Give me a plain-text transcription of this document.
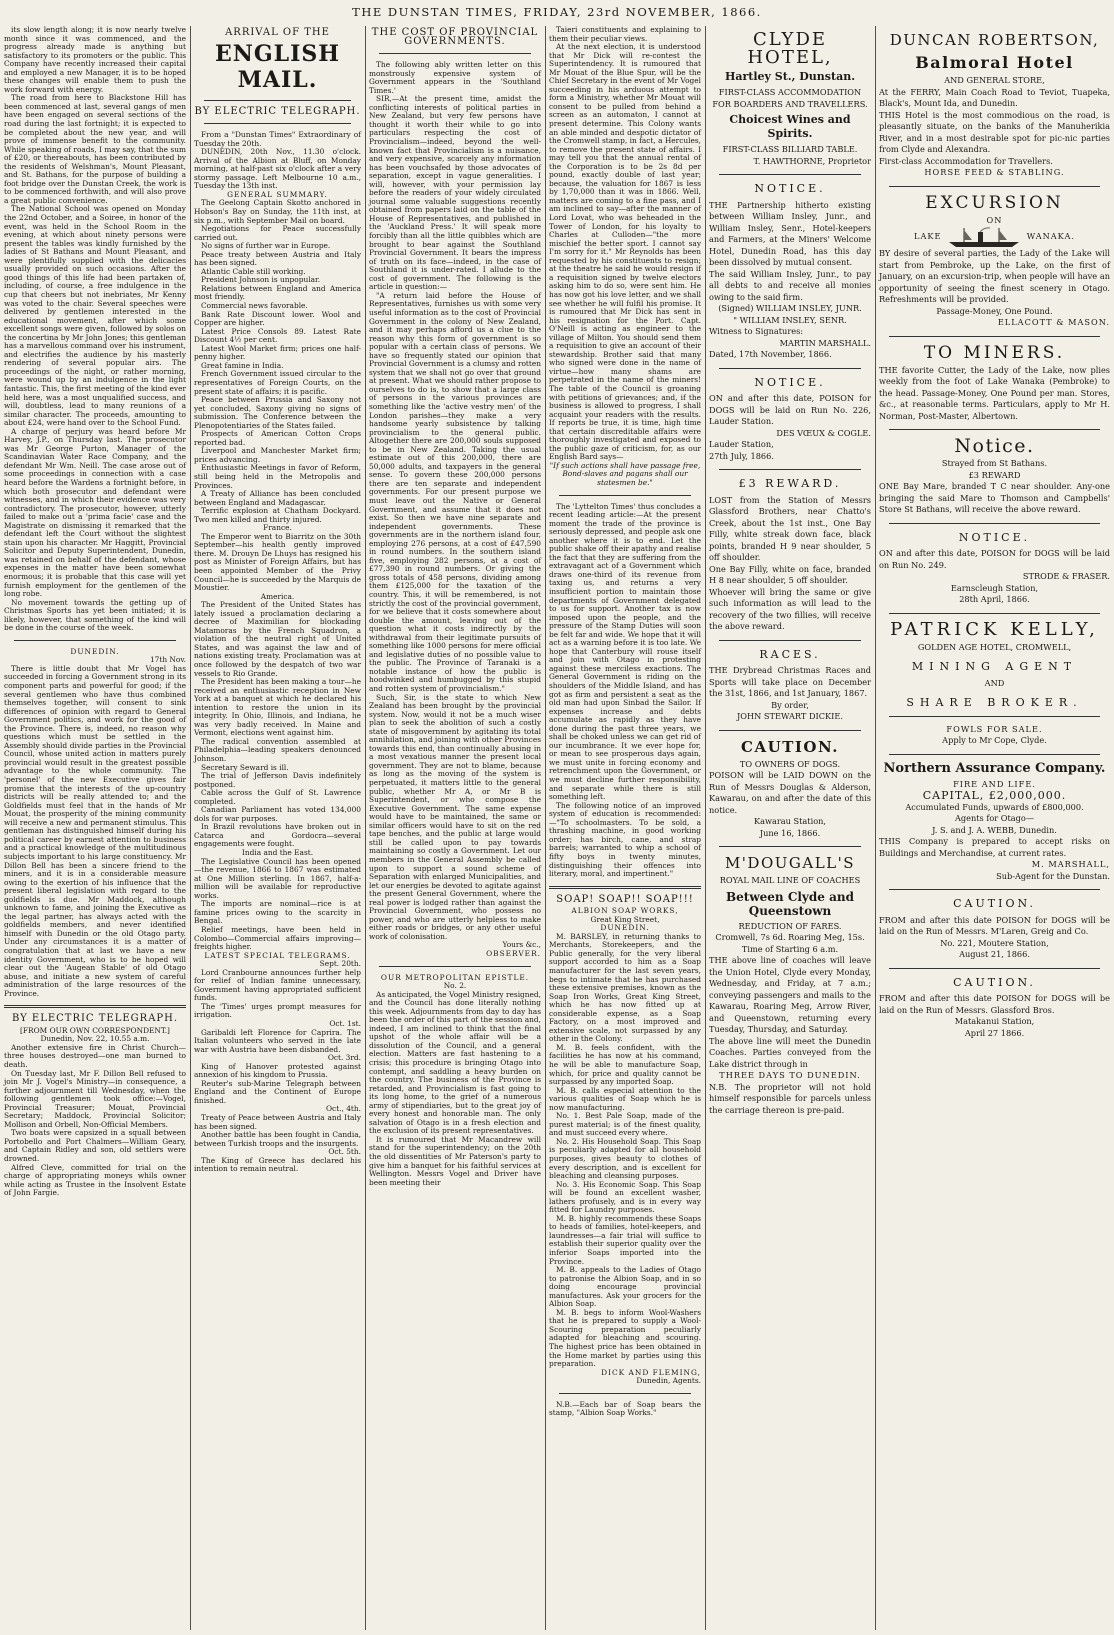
THE DUNSTAN TIMES, FRIDAY, 23rd NOVEMBER, 1866.

its slow length along; it is now nearly twelve month since it was commenced, and the progress already made is anything but satisfactory to its promoters or the public. This Company have recently increased their capital and employed a new Manager, it is to be hoped these changes will enable them to push the work forward with energy.

The road from here to Blackstone Hill has been commenced at last, several gangs of men have been engaged on several sections of the road during the last fortnight; it is expected to be completed about the new year, and will prove of immense benefit to the community. While speaking of roads, I may say, that the sum of £20, or thereabouts, has been contributed by the residents of Welshman's, Mount Pleasant, and St. Bathans, for the purpose of building a foot bridge over the Dunstan Creek, the work is to be commenced forthwith, and will also prove a great public convenience.

The National School was opened on Monday the 22nd October, and a Soiree, in honor of the event, was held in the School Room in the evening, at which about ninety persons were present the tables was kindly furnished by the ladies of St Bathans and Mount Pleasant, and were plentifully supplied with the delicacies usually provided on such occasions. After the good things of this life had been partaken of, including, of course, a free indulgence in the cup that cheers but not inebriates, Mr Kenny was voted to the chair. Several speeches were delivered by gentlemen interested in the educational movement, after which some excellent songs were given, followed by solos on the concertina by Mr John Jones; this gentleman has a marvellous command over his instrument, and electrifies the audience by his masterly rendering of several popular airs. The proceedings of the night, or rather morning, were wound up by an indulgence in the light fantastic. This, the first meeting of the kind ever held here, was a most unqualified success, and will, doubtless, lead to many reunions of a similar character. The proceeds, amounting to about £24, were hand over to the School Fund.

A charge of perjury was heard before Mr Harvey, J.P., on Thursday last. The prosecutor was Mr George Purton, Manager of the Scandinavian Water Race Company, and the defendant Mr Wm. Neill. The case arose out of some proceedings in connection with a case heard before the Wardens a fortnight before, in which both prosecutor and defendant were witnesses, and in which their evidence was very contradictory. The prosecutor, however, utterly failed to make out a 'prima facie' case and the Magistrate on dismissing it remarked that the defendant left the Court without the slightest stain upon his character. Mr Haggitt, Provincial Solicitor and Deputy Superintendent, Dunedin, was retained on behalf of the defendant, whose expenses in the matter have been somewhat enormous; it is probable that this case will yet furnish employment for the gentlemen of the long robe.

No movement towards the getting up of Christmas Sports has yet been initiated; it is likely, however, that something of the kind will be done in the course of the week.

DUNEDIN.

17th Nov.

There is little doubt that Mr Vogel has succeeded in forcing a Government strong in its component parts and powerful for good; if the several gentlemen who have thus combined themselves together, will consent to sink differences of opinion with regard to General Government politics, and work for the good of the Province. There is, indeed, no reason why questions which must be settled in the Assembly should divide parties in the Provincial Council, whose united action in matters purely provincial would result in the greatest possible advantage to the whole community. The 'personel' of the new Executive gives fair promise that the interests of the up-country districts will be really attended to; and the Goldfields must feel that in the hands of Mr Mouat, the prosperity of the mining community will receive a new and permanent stimulus. This gentleman has distinguished himself during his political career by earnest attention to business and a practical knowledge of the multitudinous subjects important to his large constituency. Mr Dillon Bell has been a sincere friend to the miners, and it is in a considerable measure owing to the exertion of his influence that the present liberal legislation with regard to the goldfields is due. Mr Maddock, although unknown to fame, and joining the Executive as the legal partner, has always acted with the goldfields members, and never identified himself with Dunedin or the old Otago party. Under any circumstances it is a matter of congratulation that at last we have a new identity Government, who is to be hoped will clear out the 'Augean Stable' of old Otago abuse, and initiate a new system of careful administration of the large resources of the Province.

BY ELECTRIC TELEGRAPH.

[FROM OUR OWN CORRESPONDENT.]

Dunedin, Nov. 22, 10.55 a.m.

Another extensive fire in Christ Church—three houses destroyed—one man burned to death.

On Tuesday last, Mr F. Dillon Bell refused to join Mr J. Vogel's Ministry—in consequence, a further adjournment till Wednesday, when the following gentlemen took office:—Vogel, Provincial Treasurer; Mouat, Provincial Secretary; Maddock, Provincial Solicitor; Mollison and Orbell, Non-Official Members.

Two boats were capsized in a squall between Portobello and Port Chalmers—William Geary, and Captain Ridley and son, old settlers were drowned.

Alfred Cleve, committed for trial on the charge of appropriating moneys whils owner while acting as Trustee in the Insolvent Estate of John Fargie.

ARRIVAL OF THE

ENGLISH MAIL.

BY ELECTRIC TELEGRAPH.

From a "Dunstan Times" Extraordinary of Tuesday the 20th.

DUNEDIN, 20th Nov., 11.30 o'clock. Arrival of the Albion at Bluff, on Monday morning, at half-past six o'clock after a very stormy passage. Left Melbourne 10 a.m., Tuesday the 13th inst.

GENERAL SUMMARY.

The Geelong Captain Skotto anchored in Hobson's Bay on Sunday, the 11th inst, at six p.m., with September Mail on board.

Negotiations for Peace successfully carried out.

No signs of further war in Europe.

Peace treaty between Austria and Italy has been signed.

Atlantic Cable still working.

President Johnson is unpopular.

Relations between England and America most friendly.

Commercial news favorable.

Bank Rate Discount lower. Wool and Copper are higher.

Latest Price Consols 89. Latest Rate Discount 4½ per cent.

Latest Wool Market firm; prices one half-penny higher.

Great famine in India.

French Government issued circular to the representatives of Foreign Courts, on the present state of affairs; it is pacific.

Peace between Prussia and Saxony not yet concluded, Saxony giving no signs of submission. The Conference between the Plenopotentiaries of the States failed.

Prospects of American Cotton Crops reported bad.

Liverpool and Manchester Market firm; prices advancing.

Enthusiastic Meetings in favor of Reform, still being held in the Metropolis and Provinces.

A Treaty of Alliance has been concluded between England and Madagascar.

Terrific explosion at Chatham Dockyard. Two men killed and thirty injured.

France.

The Emperor went to Biarritz on the 30th September—his health gently improved there. M. Drouyn De Lhuys has resigned his post as Minister of Foreign Affairs, but has been appointed Member of the Privy Council—he is succeeded by the Marquis de Moustier.

America.

The President of the United States has lately issued a proclamation declaring a decree of Maximilian for blockading Matamoras by the French Squadron, a violation of the neutral right of United States, and was against the law and of nations existing treaty. Proclamation was at once followed by the despatch of two war vessels to Rio Grande.

The President has been making a tour—he received an enthusiastic reception in New York at a banquet at which he declared his intention to restore the union in its integrity. In Ohio, Illinois, and Indiana, he was very badly received. In Maine and Vermont, elections went against him.

The radical convention assembled at Philadelphia—leading speakers denounced Johnson.

Secretary Seward is ill.

The trial of Jefferson Davis indefinitely postponed.

Cable across the Gulf of St. Lawrence completed.

Canadian Parliament has voted 134,000 dols for war purposes.

In Brazil revolutions have broken out in Catarca and Gordocra—several engagements were fought.

India and the East.

The Legislative Council has been opened—the revenue, 1866 to 1867 was estimated at One Million sterling. In 1867, half-a-million will be available for reproductive works.

The imports are nominal—rice is at famine prices owing to the scarcity in Bengal.

Relief meetings, have been held in Colombo—Commercial affairs improving—freights higher.

LATEST SPECIAL TELEGRAMS.

Sept. 20th.

Lord Cranbourne announces further help for relief of Indian famine unnecessary, Government having appropriated sufficient funds.

The 'Times' urges prompt measures for irrigation.

Oct. 1st.

Garibaldi left Florence for Caprira. The Italian volunteers who served in the late war with Austria have been disbanded.

Oct. 3rd.

King of Hanover protested against annexion of his kingdom to Prussia.

Reuter's sub-Marine Telegraph between England and the Continent of Europe finished.

Oct., 4th.

Treaty of Peace between Austria and Italy has been signed.

Another battle has been fought in Candia, between Turkish troops and the insurgents.

Oct. 5th.

The King of Greece has declared his intention to remain neutral.

THE COST OF PROVINCIAL GOVERNMENTS.

The following ably written letter on this monstrously expensive system of Government appears in the 'Southland Times.'

SIR,—At the present time, amidst the conflicting interests of political parties in New Zealand, but very few persons have thought it worth their while to go into particulars respecting the cost of Provincialism—indeed, beyond the well-known fact that Provincialism is a nuisance, and very expensive, scarcely any information has been vouchsafed by those advocates of separation, except in vague generalities. I will, however, with your permission lay before the readers of your widely circulated journal some valuable suggestions recently obtained from papers laid on the table of the House of Representatives, and published in the 'Auckland Press.' It will speak more forcibly than all the little quibbles which are brought to bear against the Southland Provincial Government. It bears the impress of truth on its face—indeed, in the case of Southland it is under-rated. I allude to the cost of government. The following is the article in question:—

"A return laid before the House of Representatives, furnishes us with some very useful information as to the cost of Provincial Government in the colony of New Zealand, and it may perhaps afford us a clue to the reason why this form of government is so popular with a certain class of persons. We have so frequently stated our opinion that Provincial Government is a clumsy and rotten system that we shall not go over that ground at present. What we should rather propose to ourselves to do is, to show that a large class of persons in the various provinces are something like the 'active vestry men' of the London parishes—they make a very handsome yearly subsistence by talking provincialism to the general public. Altogether there are 200,000 souls supposed to be in New Zealand. Taking the usual estimate out of this 200,000, there are 50,000 adults, and taxpayers in the general sense. To govern these 200,000 persons there are ten separate and independent governments. For our present purpose we must leave out the Native or General Government, and assume that it does not exist. So then we have nine separate and independent governments. These governments are in the northern island four, employing 276 persons, at a cost of £47,590 in round numbers. In the southern island five, employing 282 persons, at a cost of £77,390 in round numbers. Or giving the gross totals of 458 persons, dividing among them £125,000 for the taxation of the country. This, it will be remembered, is not strictly the cost of the provincial government, for we believe that it costs somewhere about double the amount, leaving out of the question what it costs indirectly by the withdrawal from their legitimate pursuits of something like 1000 persons for mere official and legislative duties of no possible value to the public. The Province of Taranaki is a notable instance of how the public is hoodwinked and humbugged by this stupid and rotten system of provincialism."

Such, Sir, is the state to which New Zealand has been brought by the provincial system. Now, would it not be a much wiser plan to seek the abolition of such a costly state of misgovernment by agitating its total annihilation, and joining with other Provinces towards this end, than continually abusing in a most vexatious manner the present local government. They are not to blame, because as long as the moving of the system is perpetuated, it matters little to the general public, whether Mr A, or Mr B is Superintendent, or who compose the Executive Government. The same expense would have to be maintained, the same or similar officers would have to sit on the red tape benches, and the public at large would still be called upon to pay towards maintaining so costly a Government. Let our members in the General Assembly be called upon to support a sound scheme of Separation with enlarged Municipalities, and let our energies be devoted to agitate against the present General Government, where the real power is lodged rather than against the Provincial Government, who possess no power, and who are utterly helpless to make either roads or bridges, or any other useful work of colonisation.

Yours &c.,

OBSERVER.

OUR METROPOLITAN EPISTLE.

No. 2.

As anticipated, the Vogel Ministry resigned, and the Council has done literally nothing this week. Adjournments from day to day has been the order of this part of the session and, indeed, I am inclined to think that the final upshot of the whole affair will be a dissolution of the Council, and a general election. Matters are fast hastening to a crisis; this procedure is bringing Otago into contempt, and saddling a heavy burden on the country. The business of the Province is retarded, and Provincialism is fast going to its long home, to the grief of a numerous army of stipendiaries, but to the great joy of every honest and honorable man. The only salvation of Otago is in a fresh election and the exclusion of its present representatives.

It is rumoured that Mr Macandrew will stand for the superintendency; on the 20th the old dissentities of Mr Paterson's party to give him a banquet for his faithful services at Wellington. Messrs Vogel and Driver have been meeting their

Taieri constituents and explaining to them their peculiar views.

At the next election, it is understood that Mr Dick will re-contest the Superintendency. It is rumoured that Mr Mouat of the Blue Spur, will be the Chief Secretary in the event of Mr Vogel succeeding in his arduous attempt to form a Ministry, whether Mr Mouat will consent to be pulled from behind a screen as an automaton, I cannot at present determine. This Colony wants an able minded and despotic dictator of the Cromwell stamp, in fact, a Hercules, to remove the present state of affairs. I may tell you that the annual rental of the Corporation is to be 2s 8d per pound, exactly double of last year; because, the valuation for 1867 is less by 1,70,000 than it was in 1866. Well, matters are coming to a fine pass, and I am inclined to say—after the manner of Lord Lovat, who was beheaded in the Tower of London, for his loyalty to Charles at Culloden—"the more mischief the better sport. I cannot say I'm sorry for it." Mr Reynolds has been requested by his constituents to resign; at the theatre he said he would resign if a requisition signed by twelve electors asking him to do so, were sent him. He has now got his love letter, and we shall see whether he will fulfil his promise. It is rumoured that Mr Dick has sent in his resignation for the Port. Capt. O'Neill is acting as engineer to the village of Milton. You should send them a requisition to give an account of their stewardship. Brother said that many who signed were done in the name of virtue—how many shams are perpetrated in the name of the miners! The table of the Council is groaning with petitions of grievances; and, if the business is allowed to progress, I shall acquaint your readers with the results. If reports be true, it is time, high time that certain discreditable affairs were thoroughly investigated and exposed to the public gaze of criticism, for, as our English Bard says—

"If such actions shall have passage free, Bond-slaves and pagans shall our statesmen be."

The 'Lyttelton Times' thus concludes a recent leading article:—At the present moment the trade of the province is seriously depressed, and people ask one another where it is to end. Let the public shake off their apathy and realise the fact that they are suffering from the extravagant act of a Government which draws one-third of its revenue from taxing us, and returns a very insufficient portion to maintain those departments of Government delegated to us for support. Another tax is now imposed upon the people, and the pressure of the Stamp Duties will soon be felt far and wide. We hope that it will act as a warning before it is too late. We hope that Canterbury will rouse itself and join with Otago in protesting against these merciless exactions. The General Government is riding on the shoulders of the Middle Island, and has got as firm and persistent a seat as the old man had upon Sinbad the Sailor. If expenses increase and debts accumulate as rapidly as they have done during the past three years, we shall be choked unless we can get rid of our incumbrance. It we ever hope for, or mean to see prosperous days again, we must unite in forcing economy and retrenchment upon the Government, or we must decline further responsibility, and separate while there is still something left.

The following notice of an improved system of education is recommended:—"To schoolmasters. To be sold, a thrashing machine, in good working order; has birch, cane, and strap barrels; warranted to whip a school of fifty boys in twenty minutes, distinguishing their offences into literary, moral, and impertinent."

SOAP! SOAP!! SOAP!!!

ALBION SOAP WORKS,

Great King Street,

DUNEDIN.

M. BARSLEY, in returning thanks to Merchants, Storekeepers, and the Public generally, for the very liberal support accorded to him as a Soap manufacturer for the last seven years, begs to intimate that he has purchased these extensive premises, known as the Soap Iron Works, Great King Street, which he has now fitted up at considerable expense, as a Soap Factory, on a most improved and extensive scale, not surpassed by any other in the Colony.

M. B. feels confident, with the facilities he has now at his command, he will be able to manufacture Soap, which, for price and quality cannot be surpassed by any imported Soap.

M. B. calls especial attention to the various qualities of Soap which he is now manufacturing.

No. 1. Best Pale Soap, made of the purest material; is of the finest quality, and must succeed every where.

No. 2. His Household Soap. This Soap is peculiarly adapted for all household purposes, gives beauty to clothes of every description, and is excellent for bleaching and cleansing purposes.

No. 3. His Economic Soap. This Soap will be found an excellent washer, lathers profusely, and is in every way fitted for Laundry purposes.

M. B. highly recommends these Soaps to heads of families, hotel-keepers, and laundresses—a fair trial will suffice to establish their superior quality over the inferior Soaps imported into the Province.

M. B. appeals to the Ladies of Otago to patronise the Albion Soap, and in so doing encourage provincial manufactures. Ask your grocers for the Albion Soap.

M. B. begs to inform Wool-Washers that he is prepared to supply a Wool-Scouring preparation peculiarly adapted for bleaching and scouring. The highest price has been obtained in the Home market by parties using this preparation.

DICK AND FLEMING,

Dunedin, Agents.

N.B.—Each bar of Soap bears the stamp, "Albion Soap Works."

CLYDE HOTEL,

Hartley St., Dunstan.

FIRST-CLASS ACCOMMODATION FOR BOARDERS AND TRAVELLERS.

Choicest Wines and Spirits.

FIRST-CLASS BILLIARD TABLE.

T. HAWTHORNE, Proprietor

NOTICE.

THE Partnership hitherto existing between William Insley, Junr., and William Insley, Senr., Hotel-keepers and Farmers, at the Miners' Welcome Hotel, Dunedin Road, has this day been dissolved by mutual consent.

The said William Insley, Junr., to pay all debts to and receive all monies owing to the said firm.

(Signed) WILLIAM INSLEY, JUNR.

" WILLIAM INSLEY, SENR.

Witness to Signatures:

MARTIN MARSHALL.

Dated, 17th November, 1866.

NOTICE.

ON and after this date, POISON for DOGS will be laid on Run No. 226, Lauder Station.

DES VŒUX & COGLE.

Lauder Station,

27th July, 1866.

£3 REWARD.

LOST from the Station of Messrs Glassford Brothers, near Chatto's Creek, about the 1st inst., One Bay Filly, white streak down face, black points, branded H 9 near shoulder, 5 off shoulder.

One Bay Filly, white on face, branded H 8 near shoulder, 5 off shoulder.

Whoever will bring the same or give such information as will lead to the recovery of the two fillies, will receive the above reward.

RACES.

THE Drybread Christmas Races and Sports will take place on December the 31st, 1866, and 1st January, 1867.

By order,

JOHN STEWART DICKIE.

CAUTION.

TO OWNERS OF DOGS.

POISON will be LAID DOWN on the Run of Messrs Douglas & Alderson, Kawarau, on and after the date of this notice.

Kawarau Station,

June 16, 1866.

M'DOUGALL'S

ROYAL MAIL LINE OF COACHES

Between Clyde and Queenstown

REDUCTION OF FARES.

Cromwell, 7s 6d. Roaring Meg, 15s.

Time of Starting 6 a.m.

THE above line of coaches will leave the Union Hotel, Clyde every Monday, Wednesday, and Friday, at 7 a.m.; conveying passengers and mails to the Kawarau, Roaring Meg, Arrow River, and Queenstown, returning every Tuesday, Thursday, and Saturday.

The above line will meet the Dunedin Coaches. Parties conveyed from the Lake district through in

THREE DAYS TO DUNEDIN.

N.B. The proprietor will not hold himself responsible for parcels unless the carriage thereon is pre-paid.

DUNCAN ROBERTSON,

Balmoral Hotel

AND GENERAL STORE,

At the FERRY, Main Coach Road to Teviot, Tuapeka, Black's, Mount Ida, and Dunedin.

THIS Hotel is the most commodious on the road, is pleasantly situate, on the banks of the Manuherikia River, and in a most desirable spot for pic-nic parties from Clyde and Alexandra.

First-class Accommodation for Travellers.

HORSE FEED & STABLING.

EXCURSION

ON

LAKE	WANAKA.

BY desire of several parties, the Lady of the Lake will start from Pembroke, up the Lake, on the first of January, on an excursion-trip, when people will have an opportunity of seeing the finest scenery in Otago. Refreshments will be provided.

Passage-Money, One Pound.

ELLACOTT & MASON.

TO MINERS.

THE favorite Cutter, the Lady of the Lake, now plies weekly from the foot of Lake Wanaka (Pembroke) to the head. Passage-Money, One Pound per man. Stores, &c., at reasonable terms. Particulars, apply to Mr H. Norman, Post-Master, Albertown.

Notice.

Strayed from St Bathans.

£3 REWARD

ONE Bay Mare, branded T C near shoulder. Any-one bringing the said Mare to Thomson and Campbells' Store St Bathans, will receive the above reward.

NOTICE.

ON and after this date, POISON for DOGS will be laid on Run No. 249.

STRODE & FRASER.

Earnscleugh Station,

28th April, 1866.

PATRICK KELLY,

GOLDEN AGE HOTEL, CROMWELL,

MINING AGENT

AND

SHARE BROKER.

FOWLS FOR SALE.

Apply to Mr Cope, Clyde.

Northern Assurance Company.

FIRE AND LIFE.

CAPITAL, £2,000,000.

Accumulated Funds, upwards of £800,000.

Agents for Otago—

J. S. and J. A. WEBB, Dunedin.

THIS Company is prepared to accept risks on Buildings and Merchandise, at current rates.

M. MARSHALL,

Sub-Agent for the Dunstan.

CAUTION.

FROM and after this date POISON for DOGS will be laid on the Run of Messrs. M'Laren, Greig and Co.

No. 221, Moutere Station,

August 21, 1866.

CAUTION.

FROM and after this date POISON for DOGS will be laid on the Run of Messrs. Glassford Bros.

Matakanui Station,

April 27 1866.
